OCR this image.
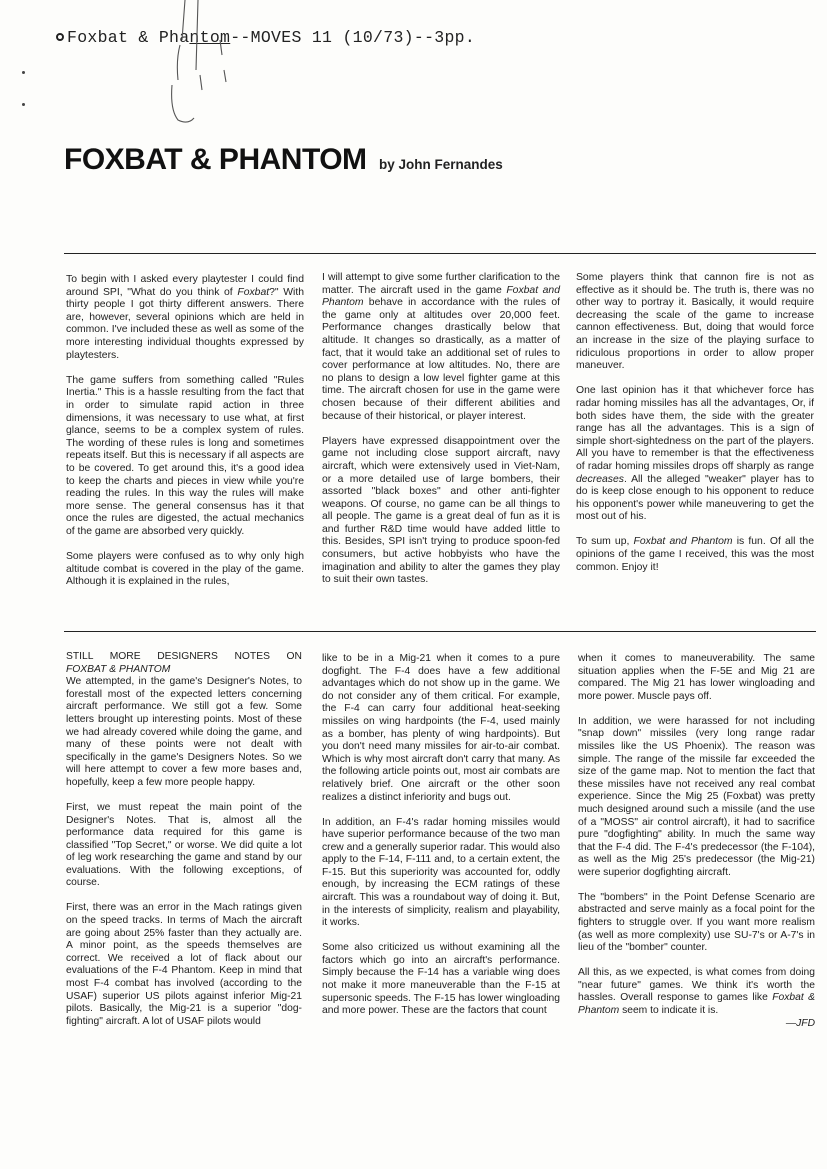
Foxbat & Phantom--MOVES 11 (10/73)--3pp.
FOXBAT & PHANTOM by John Fernandes

To begin with I asked every playtester I could find around SPI, "What do you think of Foxbat?" With thirty people I got thirty different answers. There are, however, several opinions which are held in common. I've included these as well as some of the more interesting individual thoughts expressed by playtesters.

The game suffers from something called "Rules Inertia." This is a hassle resulting from the fact that in order to simulate rapid action in three dimensions, it was necessary to use what, at first glance, seems to be a complex system of rules. The wording of these rules is long and sometimes repeats itself. But this is necessary if all aspects are to be covered. To get around this, it's a good idea to keep the charts and pieces in view while you're reading the rules. In this way the rules will make more sense. The general consensus has it that once the rules are digested, the actual mechanics of the game are absorbed very quickly.

Some players were confused as to why only high altitude combat is covered in the play of the game. Although it is explained in the rules,

I will attempt to give some further clarification to the matter. The aircraft used in the game Foxbat and Phantom behave in accordance with the rules of the game only at altitudes over 20,000 feet. Performance changes drastically below that altitude. It changes so drastically, as a matter of fact, that it would take an additional set of rules to cover performance at low altitudes. No, there are no plans to design a low level fighter game at this time. The aircraft chosen for use in the game were chosen because of their different abilities and because of their historical, or player interest.

Players have expressed disappointment over the game not including close support aircraft, navy aircraft, which were extensively used in Viet-Nam, or a more detailed use of large bombers, their assorted "black boxes" and other anti-fighter weapons. Of course, no game can be all things to all people. The game is a great deal of fun as it is and further R&D time would have added little to this. Besides, SPI isn't trying to produce spoon-fed consumers, but active hobbyists who have the imagination and ability to alter the games they play to suit their own tastes.

Some players think that cannon fire is not as effective as it should be. The truth is, there was no other way to portray it. Basically, it would require decreasing the scale of the game to increase cannon effectiveness. But, doing that would force an increase in the size of the playing surface to ridiculous proportions in order to allow proper maneuver.

One last opinion has it that whichever force has radar homing missiles has all the advantages, Or, if both sides have them, the side with the greater range has all the advantages. This is a sign of simple short-sightedness on the part of the players. All you have to remember is that the effectiveness of radar homing missiles drops off sharply as range decreases. All the alleged "weaker" player has to do is keep close enough to his opponent to reduce his opponent's power while maneuvering to get the most out of his.

To sum up, Foxbat and Phantom is fun. Of all the opinions of the game I received, this was the most common. Enjoy it!

STILL MORE DESIGNERS NOTES ON

FOXBAT & PHANTOM

We attempted, in the game's Designer's Notes, to forestall most of the expected letters concerning aircraft performance. We still got a few. Some letters brought up interesting points. Most of these we had already covered while doing the game, and many of these points were not dealt with specifically in the game's Designers Notes. So we will here attempt to cover a few more bases and, hopefully, keep a few more people happy.

First, we must repeat the main point of the Designer's Notes. That is, almost all the performance data required for this game is classified "Top Secret," or worse. We did quite a lot of leg work researching the game and stand by our evaluations. With the following exceptions, of course.

First, there was an error in the Mach ratings given on the speed tracks. In terms of Mach the aircraft are going about 25% faster than they actually are. A minor point, as the speeds themselves are correct. We received a lot of flack about our evaluations of the F-4 Phantom. Keep in mind that most F-4 combat has involved (according to the USAF) superior US pilots against inferior Mig-21 pilots. Basically, the Mig-21 is a superior "dog-fighting" aircraft. A lot of USAF pilots would

like to be in a Mig-21 when it comes to a pure dogfight. The F-4 does have a few additional advantages which do not show up in the game. We do not consider any of them critical. For example, the F-4 can carry four additional heat-seeking missiles on wing hardpoints (the F-4, used mainly as a bomber, has plenty of wing hardpoints). But you don't need many missiles for air-to-air combat. Which is why most aircraft don't carry that many. As the following article points out, most air combats are relatively brief. One aircraft or the other soon realizes a distinct inferiority and bugs out.

In addition, an F-4's radar homing missiles would have superior performance because of the two man crew and a generally superior radar. This would also apply to the F-14, F-111 and, to a certain extent, the F-15. But this superiority was accounted for, oddly enough, by increasing the ECM ratings of these aircraft. This was a roundabout way of doing it. But, in the interests of simplicity, realism and playability, it works.

Some also criticized us without examining all the factors which go into an aircraft's performance. Simply because the F-14 has a variable wing does not make it more maneuverable than the F-15 at supersonic speeds. The F-15 has lower wingloading and more power. These are the factors that count

when it comes to maneuverability. The same situation applies when the F-5E and Mig 21 are compared. The Mig 21 has lower wingloading and more power. Muscle pays off.

In addition, we were harassed for not including "snap down" missiles (very long range radar missiles like the US Phoenix). The reason was simple. The range of the missile far exceeded the size of the game map. Not to mention the fact that these missiles have not received any real combat experience. Since the Mig 25 (Foxbat) was pretty much designed around such a missile (and the use of a "MOSS" air control aircraft), it had to sacrifice pure "dogfighting" ability. In much the same way that the F-4 did. The F-4's predecessor (the F-104), as well as the Mig 25's predecessor (the Mig-21) were superior dogfighting aircraft.

The "bombers" in the Point Defense Scenario are abstracted and serve mainly as a focal point for the fighters to struggle over. If you want more realism (as well as more complexity) use SU-7's or A-7's in lieu of the "bomber" counter.

All this, as we expected, is what comes from doing "near future" games. We think it's worth the hassles. Overall response to games like Foxbat & Phantom seem to indicate it is.

—JFD
